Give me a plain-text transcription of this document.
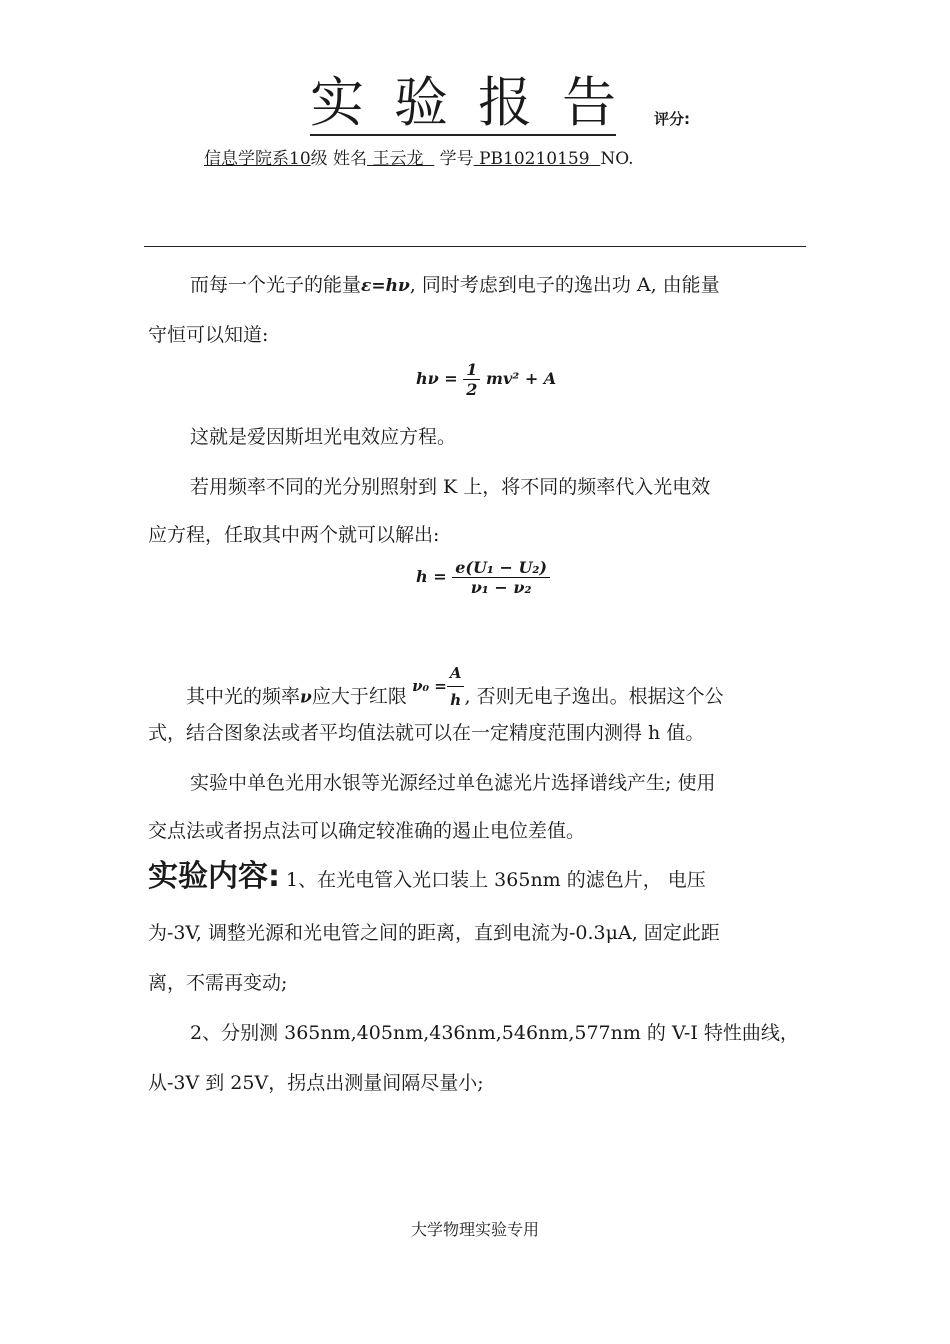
实验报告 评分:
信息学院系10级 姓名 王云龙 学号 PB10210159 NO.
而每一个光子的能量ε=hν, 同时考虑到电子的逸出功 A, 由能量
守恒可以知道:
$h\nu = \frac{1}{2} mv^2 + A$
这就是爱因斯坦光电效应方程。
若用频率不同的光分别照射到 K 上，将不同的频率代入光电效
应方程，任取其中两个就可以解出:
$h = \frac{\text{e(U₁ − U₂)}}{\text{ν₁ − ν₂}}$
其中光的频率ν应大于红限 $^{\nu_0 = \frac{A}{h}}$ , 否则无电子逸出。根据这个公
式，结合图象法或者平均值法就可以在一定精度范围内测得 h 值。
实验中单色光用水银等光源经过单色滤光片选择谱线产生; 使用
交点法或者拐点法可以确定较准确的遏止电位差值。
实验内容: 1、在光电管入光口装上 365nm 的滤色片， 电压
为-3V, 调整光源和光电管之间的距离，直到电流为-0.3μA, 固定此距
离，不需再变动;
2、分别测 365nm,405nm,436nm,546nm,577nm 的 V-I 特性曲线，
从-3V 到 25V，拐点出测量间隔尽量小;
大学物理实验专用
